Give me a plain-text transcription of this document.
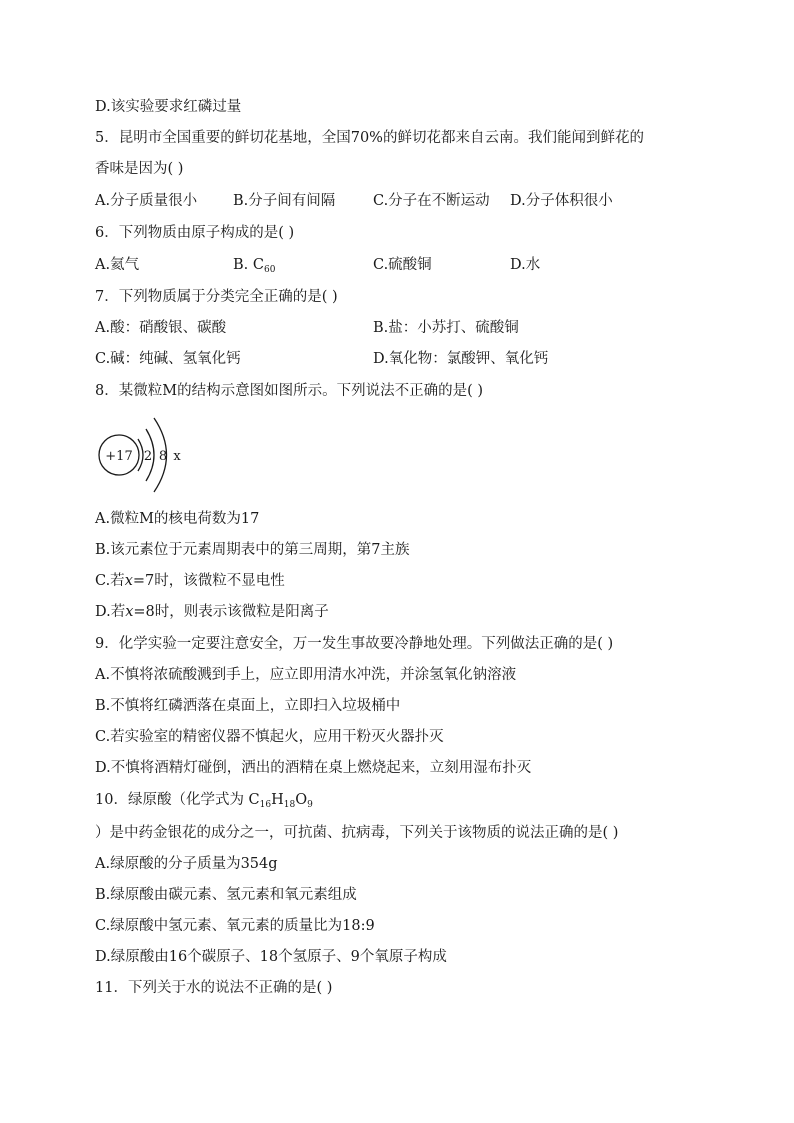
D.该实验要求红磷过量
5．昆明市全国重要的鲜切花基地，全国70%的鲜切花都来自云南。我们能闻到鲜花的
香味是因为( )
A.分子质量很小 B.分子间有间隔	C.分子在不断运动 D.分子体积很小
6．下列物质由原子构成的是( )
A.氦气	B. $C_{60}$	C.硫酸铜	D.水
7．下列物质属于分类完全正确的是( )
A.酸：硝酸银、碳酸	B.盐：小苏打、硫酸铜
C.碱：纯碱、氢氧化钙	D.氧化物：氯酸钾、氧化钙
8．某微粒M的结构示意图如图所示。下列说法不正确的是( )
+17 2 8 x
A.微粒M的核电荷数为17
B.该元素位于元素周期表中的第三周期，第7主族
C.若x=7时，该微粒不显电性
D.若x=8时，则表示该微粒是阳离子
9．化学实验一定要注意安全，万一发生事故要冷静地处理。下列做法正确的是( )
A.不慎将浓硫酸溅到手上，应立即用清水冲洗，并涂氢氧化钠溶液
B.不慎将红磷洒落在桌面上，立即扫入垃圾桶中
C.若实验室的精密仪器不慎起火，应用干粉灭火器扑灭
D.不慎将酒精灯碰倒，洒出的酒精在桌上燃烧起来，立刻用湿布扑灭
10．绿原酸（化学式为 $C_{16}H_{18}O_9$
）是中药金银花的成分之一，可抗菌、抗病毒，下列关于该物质的说法正确的是( )
A.绿原酸的分子质量为354g
B.绿原酸由碳元素、氢元素和氧元素组成
C.绿原酸中氢元素、氧元素的质量比为18:9
D.绿原酸由16个碳原子、18个氢原子、9个氧原子构成
11．下列关于水的说法不正确的是( )
